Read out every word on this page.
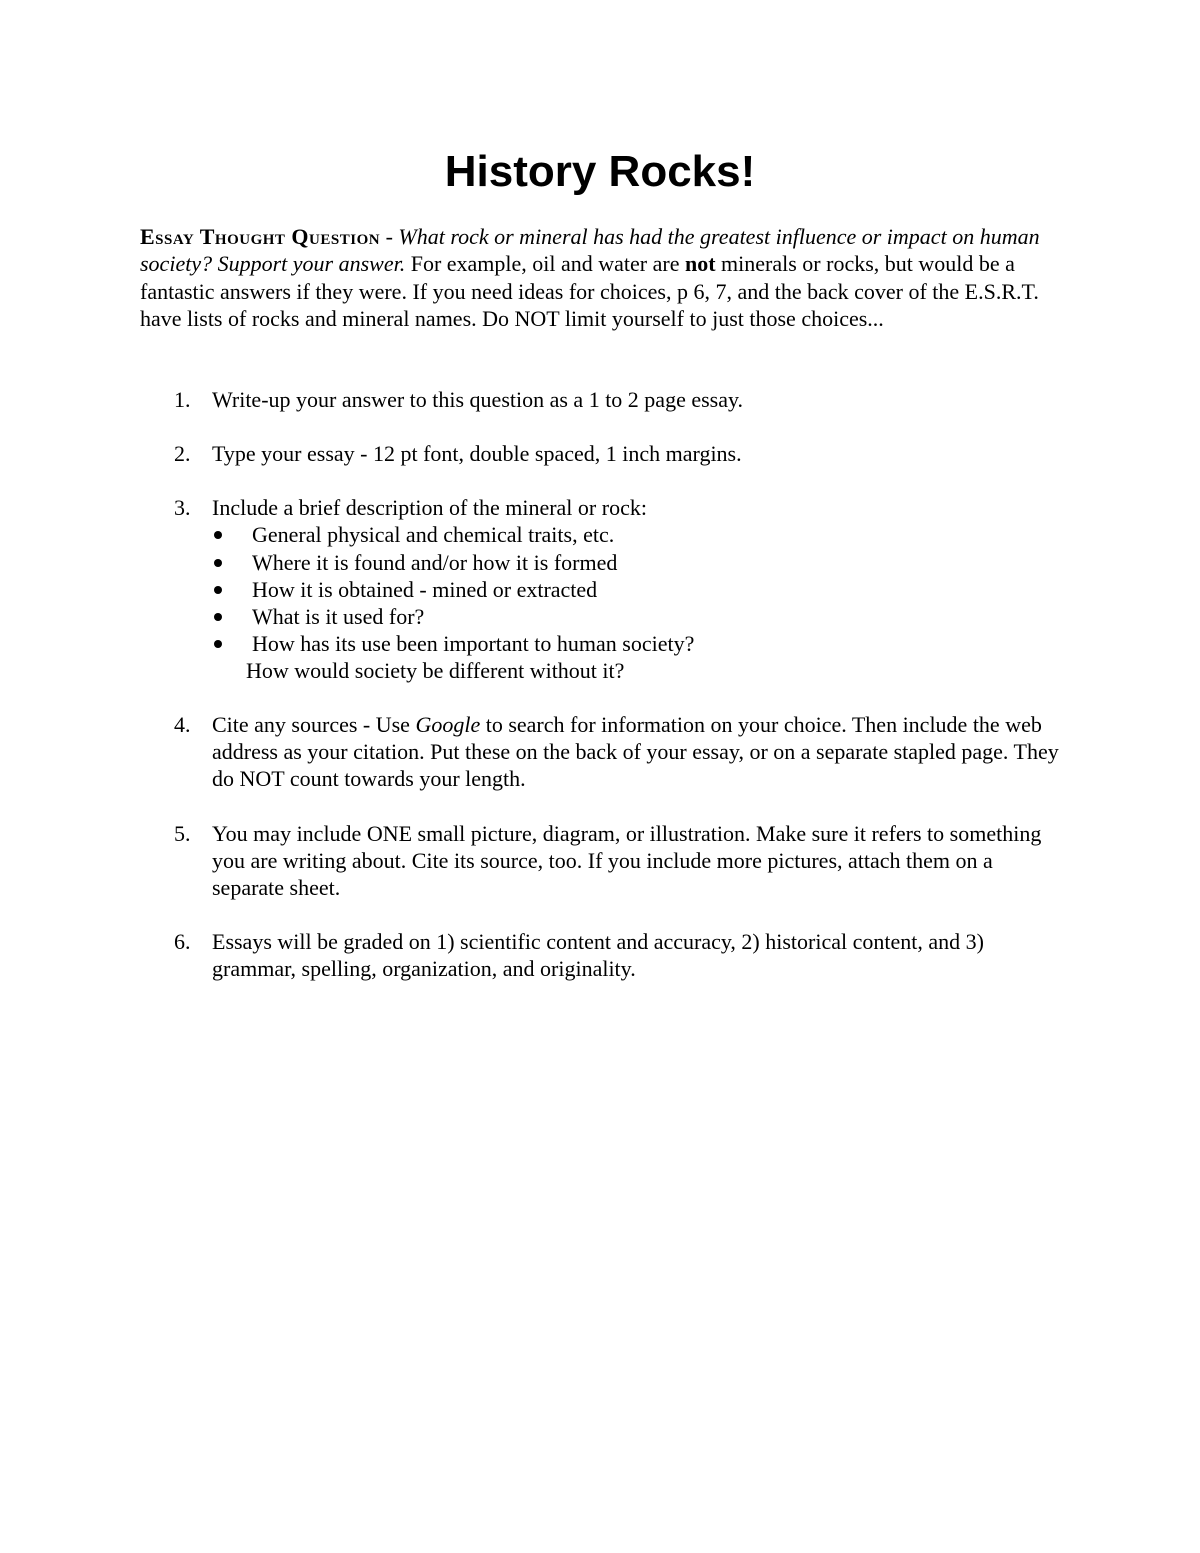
History Rocks!

Essay Thought Question - What rock or mineral has had the greatest influence or impact on human society? Support your answer. For example, oil and water are not minerals or rocks, but would be a fantastic answers if they were. If you need ideas for choices, p 6, 7, and the back cover of the E.S.R.T. have lists of rocks and mineral names. Do NOT limit yourself to just those choices...

1. Write-up your answer to this question as a 1 to 2 page essay.
2. Type your essay - 12 pt font, double spaced, 1 inch margins.
3. Include a brief description of the mineral or rock:
General physical and chemical traits, etc.
Where it is found and/or how it is formed
How it is obtained - mined or extracted
What is it used for?
How has its use been important to human society?
How would society be different without it?
4. Cite any sources - Use Google to search for information on your choice. Then include the web address as your citation. Put these on the back of your essay, or on a separate stapled page. They do NOT count towards your length.
5. You may include ONE small picture, diagram, or illustration. Make sure it refers to something you are writing about. Cite its source, too. If you include more pictures, attach them on a separate sheet.
6. Essays will be graded on 1) scientific content and accuracy, 2) historical content, and 3) grammar, spelling, organization, and originality.
